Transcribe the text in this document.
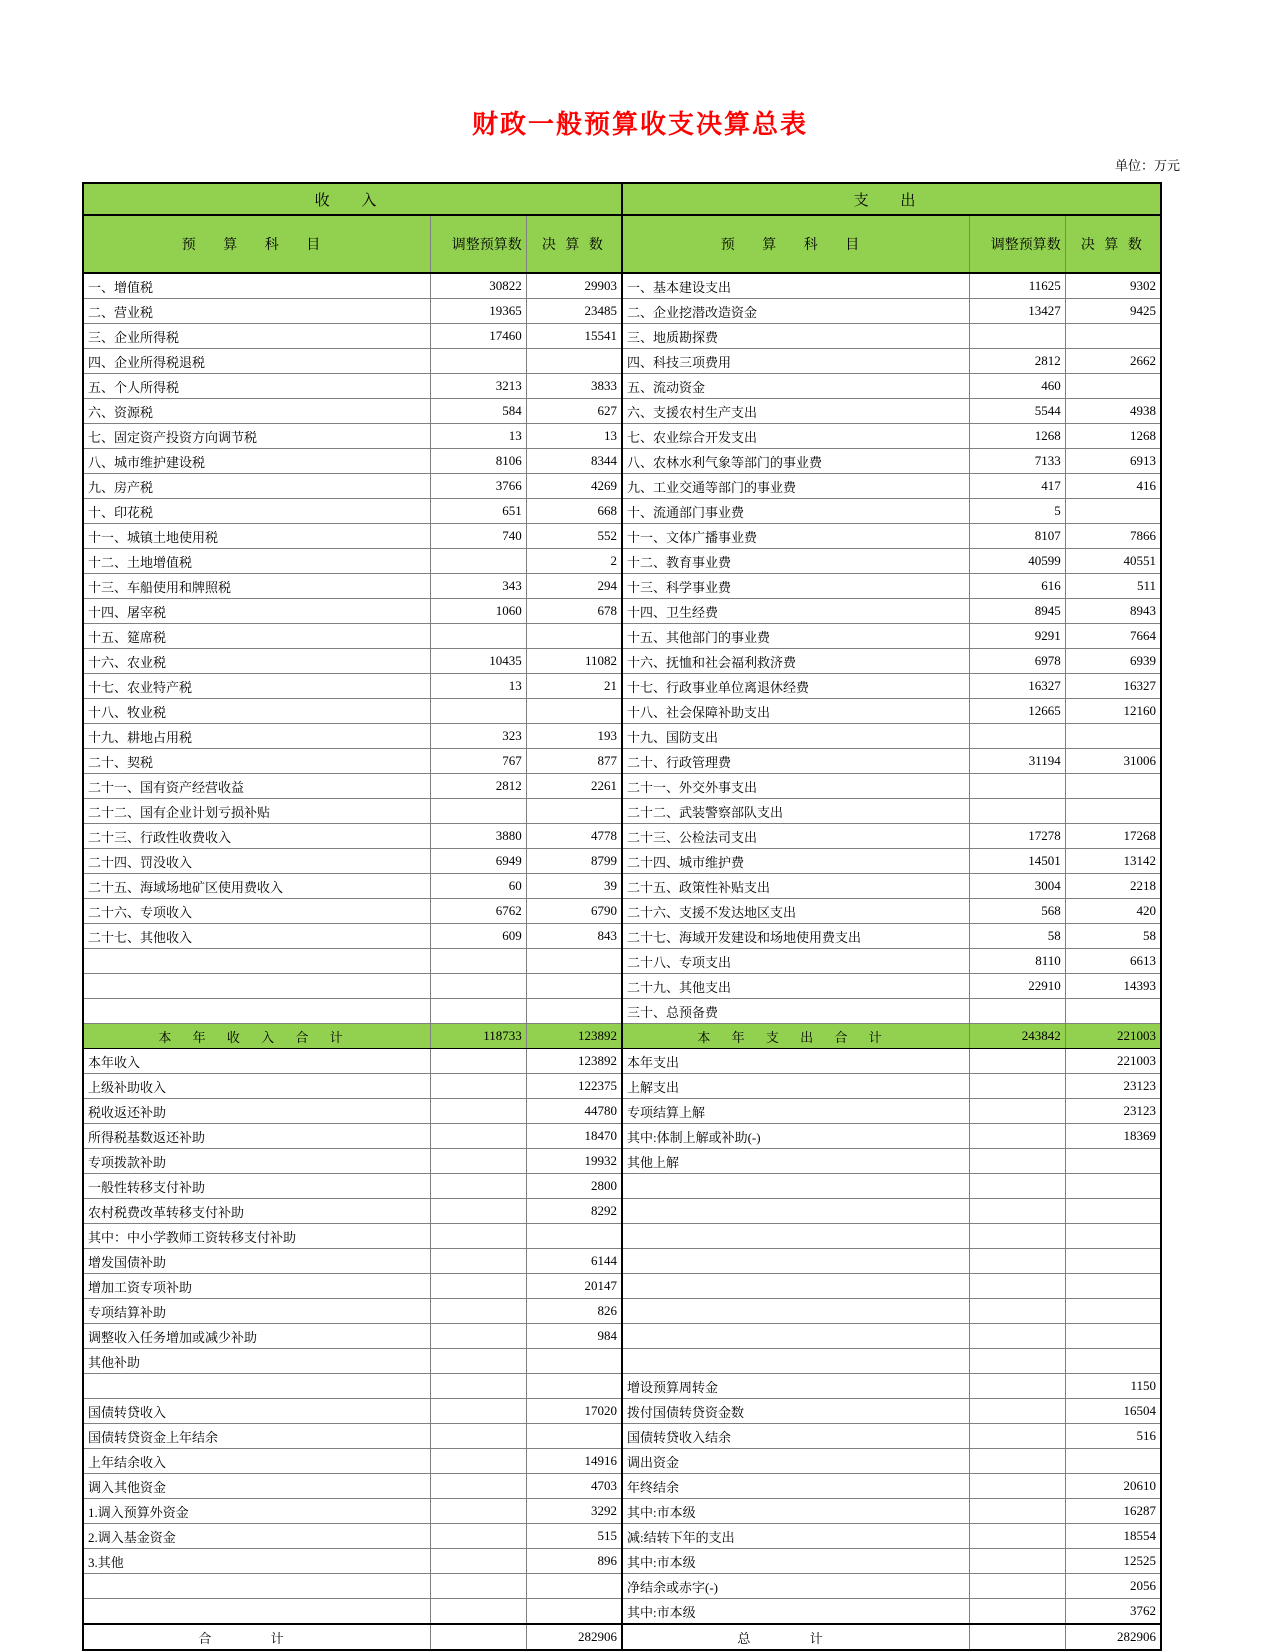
财政一般预算收支决算总表
单位：万元
收 入			支 出		
预 算 科 目	调整预算数	决 算 数	预 算 科 目	调整预算数	决 算 数
一、增值税	30822	29903	一、基本建设支出	11625	9302
二、营业税	19365	23485	二、企业挖潜改造资金	13427	9425
三、企业所得税	17460	15541	三、地质勘探费		
四、企业所得税退税			四、科技三项费用	2812	2662
五、个人所得税	3213	3833	五、流动资金	460	
六、资源税	584	627	六、支援农村生产支出	5544	4938
七、固定资产投资方向调节税	13	13	七、农业综合开发支出	1268	1268
八、城市维护建设税	8106	8344	八、农林水利气象等部门的事业费	7133	6913
九、房产税	3766	4269	九、工业交通等部门的事业费	417	416
十、印花税	651	668	十、流通部门事业费	5	
十一、城镇土地使用税	740	552	十一、文体广播事业费	8107	7866
十二、土地增值税		2	十二、教育事业费	40599	40551
十三、车船使用和牌照税	343	294	十三、科学事业费	616	511
十四、屠宰税	1060	678	十四、卫生经费	8945	8943
十五、筵席税			十五、其他部门的事业费	9291	7664
十六、农业税	10435	11082	十六、抚恤和社会福利救济费	6978	6939
十七、农业特产税	13	21	十七、行政事业单位离退休经费	16327	16327
十八、牧业税			十八、社会保障补助支出	12665	12160
十九、耕地占用税	323	193	十九、国防支出		
二十、契税	767	877	二十、行政管理费	31194	31006
二十一、国有资产经营收益	2812	2261	二十一、外交外事支出		
二十二、国有企业计划亏损补贴			二十二、武装警察部队支出		
二十三、行政性收费收入	3880	4778	二十三、公检法司支出	17278	17268
二十四、罚没收入	6949	8799	二十四、城市维护费	14501	13142
二十五、海域场地矿区使用费收入	60	39	二十五、政策性补贴支出	3004	2218
二十六、专项收入	6762	6790	二十六、支援不发达地区支出	568	420
二十七、其他收入	609	843	二十七、海域开发建设和场地使用费支出	58	58
			二十八、专项支出	8110	6613
			二十九、其他支出	22910	14393
			三十、总预备费		
本 年 收 入 合 计	118733	123892	本 年 支 出 合 计	243842	221003
本年收入		123892	本年支出		221003
上级补助收入		122375	上解支出		23123
税收返还补助		44780	专项结算上解		23123
所得税基数返还补助		18470	其中:体制上解或补助(-)		18369
专项拨款补助		19932	其他上解		
一般性转移支付补助		2800			
农村税费改革转移支付补助		8292			
其中：中小学教师工资转移支付补助					
增发国债补助		6144			
增加工资专项补助		20147			
专项结算补助		826			
调整收入任务增加或减少补助		984			
其他补助					
			增设预算周转金		1150
国债转贷收入		17020	拨付国债转贷资金数		16504
国债转贷资金上年结余			国债转贷收入结余		516
上年结余收入		14916	调出资金		
调入其他资金		4703	年终结余		20610
1.调入预算外资金		3292	其中:市本级		16287
2.调入基金资金		515	减:结转下年的支出		18554
3.其他		896	其中:市本级		12525
			净结余或赤字(-)		2056
			其中:市本级		3762
合 计		282906	总 计		282906
